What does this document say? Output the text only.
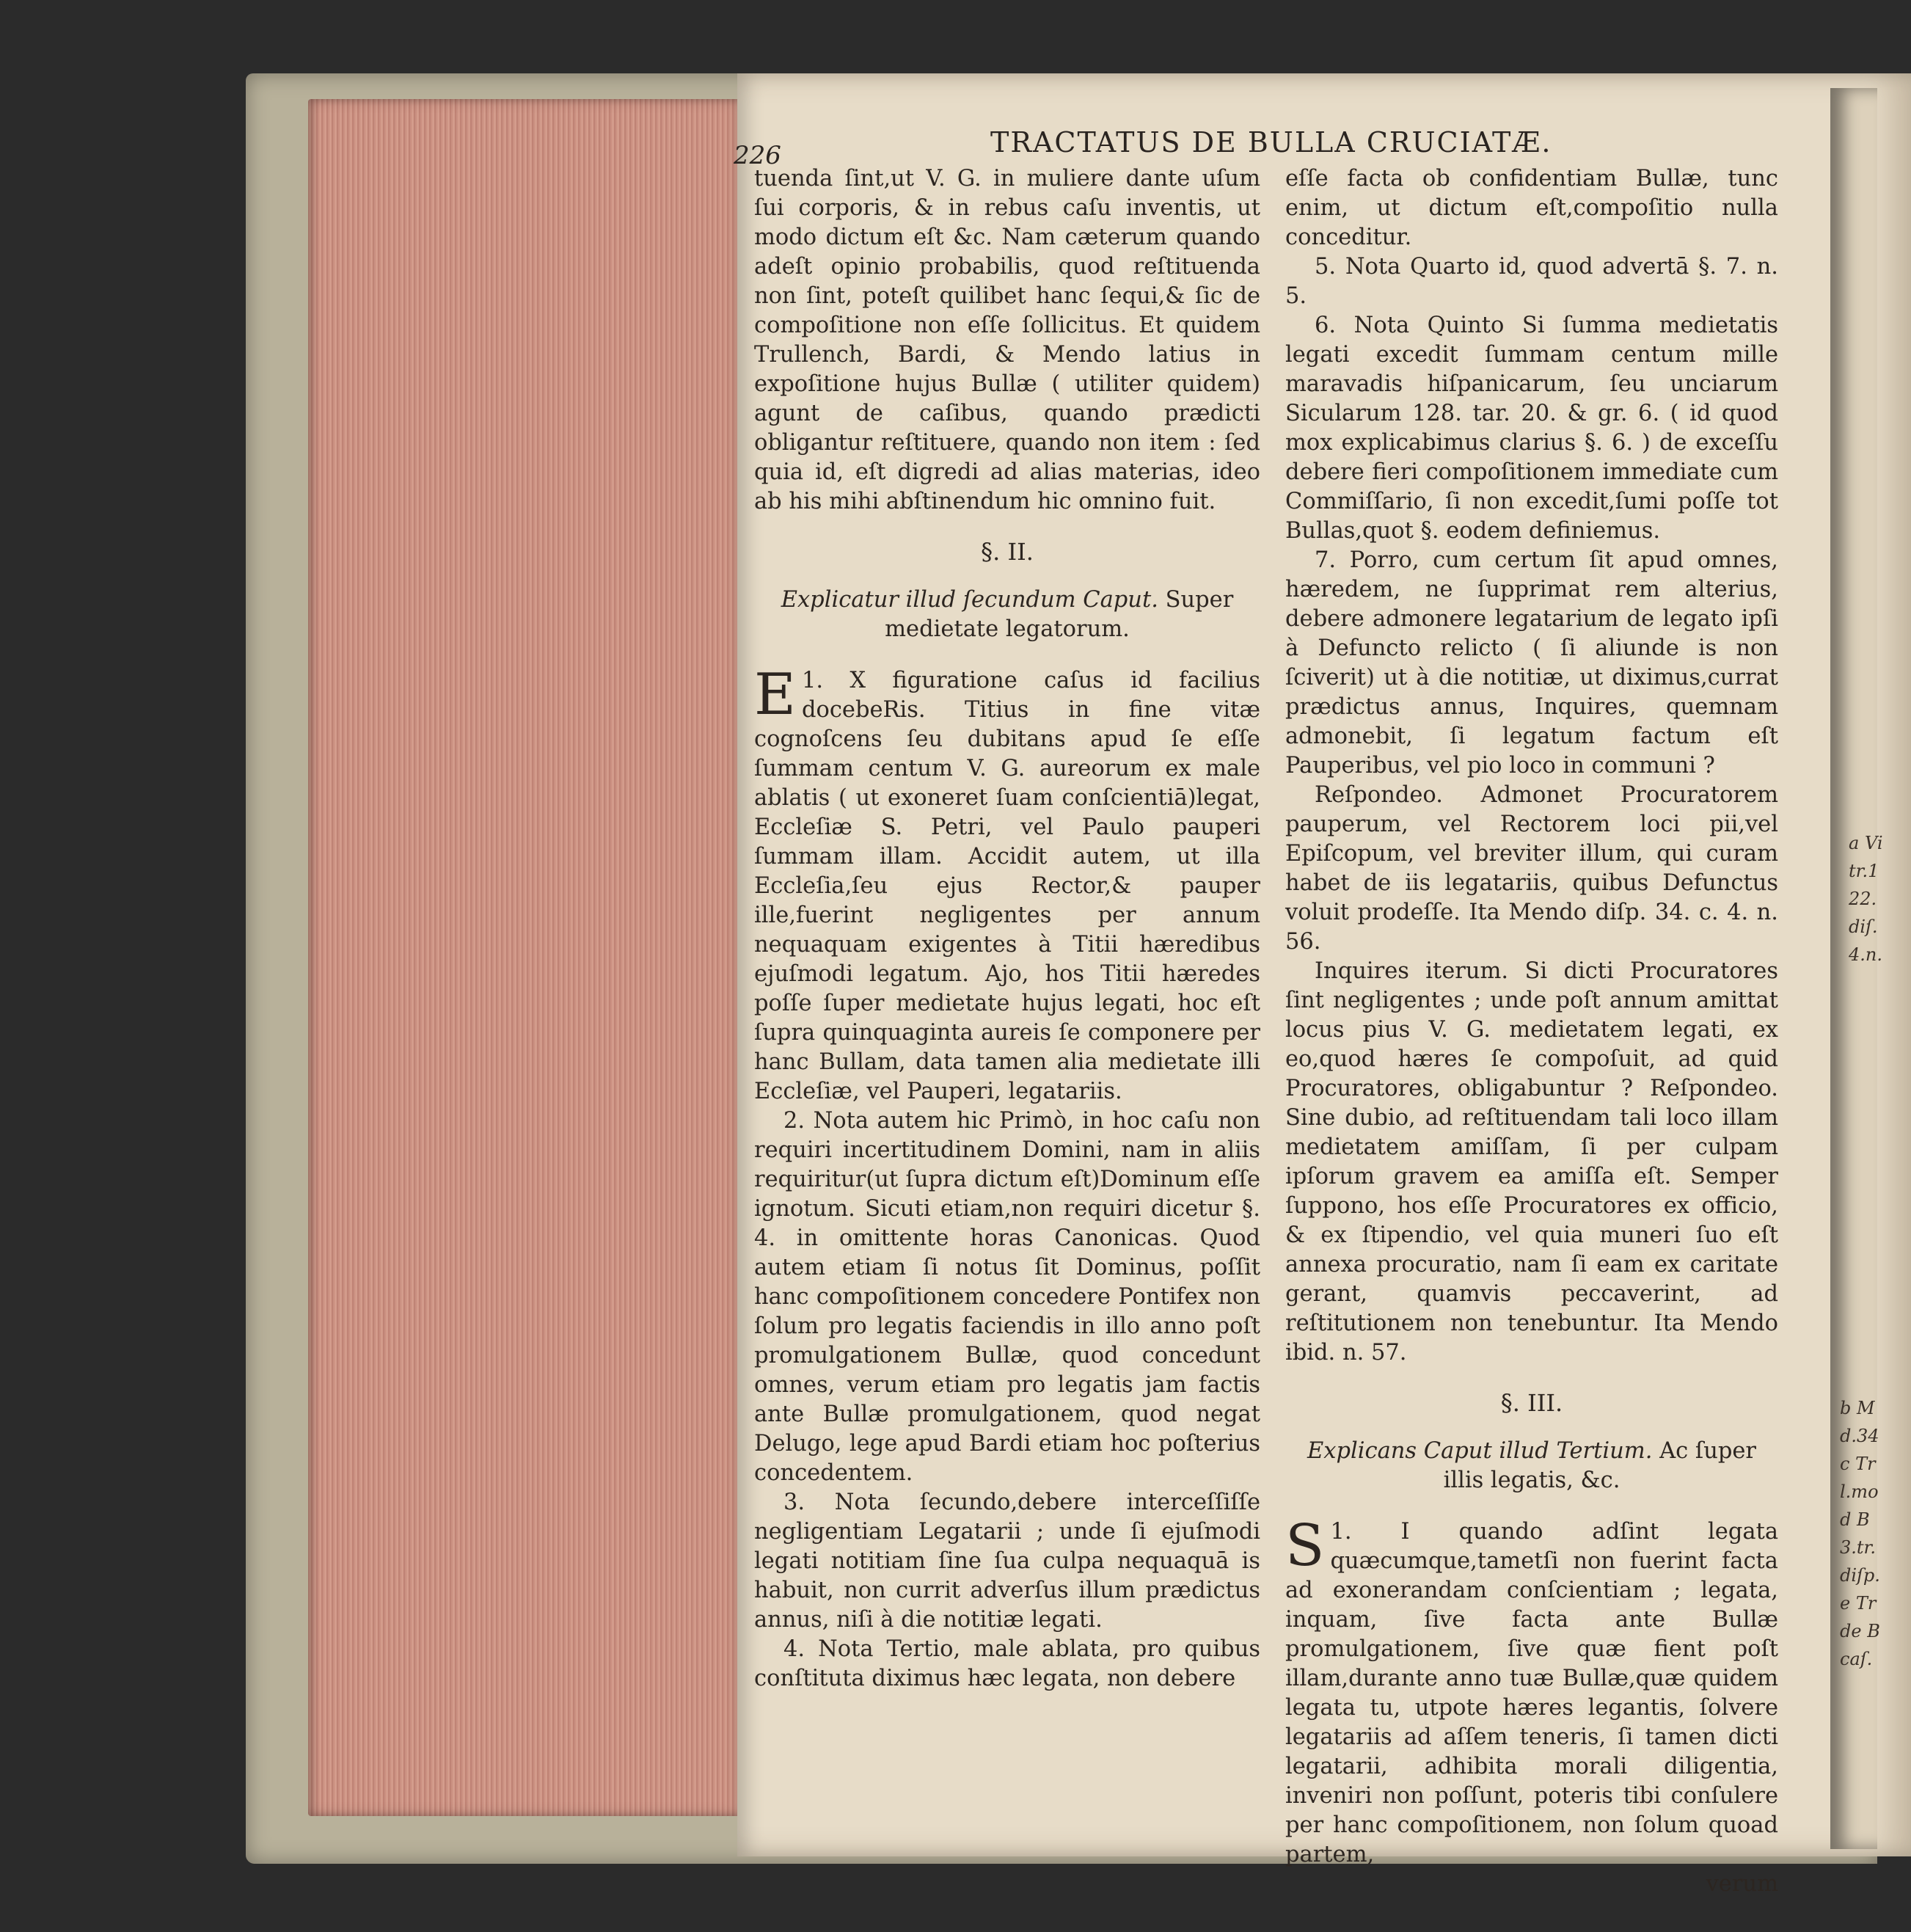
226	TRACTATUS DE BULLA CRUCIATÆ.

tuenda ſint,ut V. G. in muliere dante uſum ſui corporis, & in rebus caſu inventis, ut modo dictum eſt &c. Nam cæterum quando adeſt opinio probabilis, quod reſtituenda non ſint, poteſt quilibet hanc ſequi,& ſic de compoſitione non eſſe ſollicitus. Et quidem Trullench, Bardi, & Mendo latius in expoſitione hujus Bullæ ( utiliter quidem) agunt de caſibus, quando prædicti obligantur reſtituere, quando non item : ſed quia id, eſt digredi ad alias materias, ideo ab his mihi abſtinendum hic omnino fuit.

§. II.

Explicatur illud ſecundum Caput. Super medietate legatorum.

1.
E X figuratione caſus id facilius docebeRis. Titius in fine vitæ cognoſcens ſeu dubitans apud ſe eſſe ſummam centum V. G. aureorum ex male ablatis ( ut exoneret ſuam conſcientiā)legat, Eccleſiæ S. Petri, vel Paulo pauperi ſummam illam. Accidit autem, ut illa Eccleſia,ſeu ejus Rector,& pauper ille,fuerint negligentes per annum nequaquam exigentes à Titii hæredibus ejuſmodi legatum. Ajo, hos Titii hæredes poſſe ſuper medietate hujus legati, hoc eſt ſupra quinquaginta aureis ſe componere per hanc Bullam, data tamen alia medietate illi Eccleſiæ, vel Pauperi, legatariis.

2. Nota autem hic Primò, in hoc caſu non requiri incertitudinem Domini, nam in aliis requiritur(ut ſupra dictum eſt)Dominum eſſe ignotum. Sicuti etiam,non requiri dicetur §. 4. in omittente horas Canonicas. Quod autem etiam ſi notus ſit Dominus, poſſit hanc compoſitionem concedere Pontifex non ſolum pro legatis faciendis in illo anno poſt promulgationem Bullæ, quod concedunt omnes, verum etiam pro legatis jam factis ante Bullæ promulgationem, quod negat Delugo, lege apud Bardi etiam hoc poſterius concedentem.

3. Nota ſecundo,debere interceſſiſſe negligentiam Legatarii ; unde ſi ejuſmodi legati notitiam ſine ſua culpa nequaquā is habuit, non currit adverſus illum prædictus annus, niſi à die notitiæ legati.

4. Nota Tertio, male ablata, pro quibus conſtituta diximus hæc legata, non debere

eſſe facta ob confidentiam Bullæ, tunc enim, ut dictum eſt,compoſitio nulla conceditur.

5. Nota Quarto id, quod advertā §. 7. n. 5.

6. Nota Quinto Si ſumma medietatis legati excedit ſummam centum mille maravadis hiſpanicarum, ſeu unciarum Sicularum 128. tar. 20. & gr. 6. ( id quod mox explicabimus clarius §. 6. ) de exceſſu debere fieri compoſitionem immediate cum Commiſſario, ſi non excedit,ſumi poſſe tot Bullas,quot §. eodem definiemus.

7. Porro, cum certum ſit apud omnes, hæredem, ne ſupprimat rem alterius, debere admonere legatarium de legato ipſi à Defuncto relicto ( ſi aliunde is non ſciverit) ut à die notitiæ, ut diximus,currat prædictus annus, Inquires, quemnam admonebit, ſi legatum factum eſt Pauperibus, vel pio loco in communi ?

Reſpondeo. Admonet Procuratorem pauperum, vel Rectorem loci pii,vel Epiſcopum, vel breviter illum, qui curam habet de iis legatariis, quibus Defunctus voluit prodeſſe. Ita Mendo diſp. 34. c. 4. n. 56.

Inquires iterum. Si dicti Procuratores ſint negligentes ; unde poſt annum amittat locus pius V. G. medietatem legati, ex eo,quod hæres ſe compoſuit, ad quid Procuratores, obligabuntur ? Reſpondeo. Sine dubio, ad reſtituendam tali loco illam medietatem amiſſam, ſi per culpam ipſorum gravem ea amiſſa eſt. Semper ſuppono, hos eſſe Procuratores ex officio, & ex ſtipendio, vel quia muneri ſuo eſt annexa procuratio, nam ſi eam ex caritate gerant, quamvis peccaverint, ad reſtitutionem non tenebuntur. Ita Mendo ibid. n. 57.

§. III.

Explicans Caput illud Tertium. Ac ſuper illis legatis, &c.

1.
S	I quando adſint legata quæcumque,tametſi non fuerint facta ad exonerandam conſcientiam ; legata, inquam, ſive facta ante Bullæ promulgationem, ſive quæ fient poſt illam,durante anno tuæ Bullæ,quæ quidem legata tu, utpote hæres legantis, ſolvere legatariis ad aſſem teneris, ſi tamen dicti legatarii, adhibita morali diligentia, inveniri non poſſunt, poteris tibi conſulere per hanc compoſitionem, non ſolum quoad partem,

verum

a Vi
tr.1
22.
diſ.
4.n.
b M
d.34
c Tr
l.mo
d B
3.tr.
diſp.
e Tr
de B
caſ.
